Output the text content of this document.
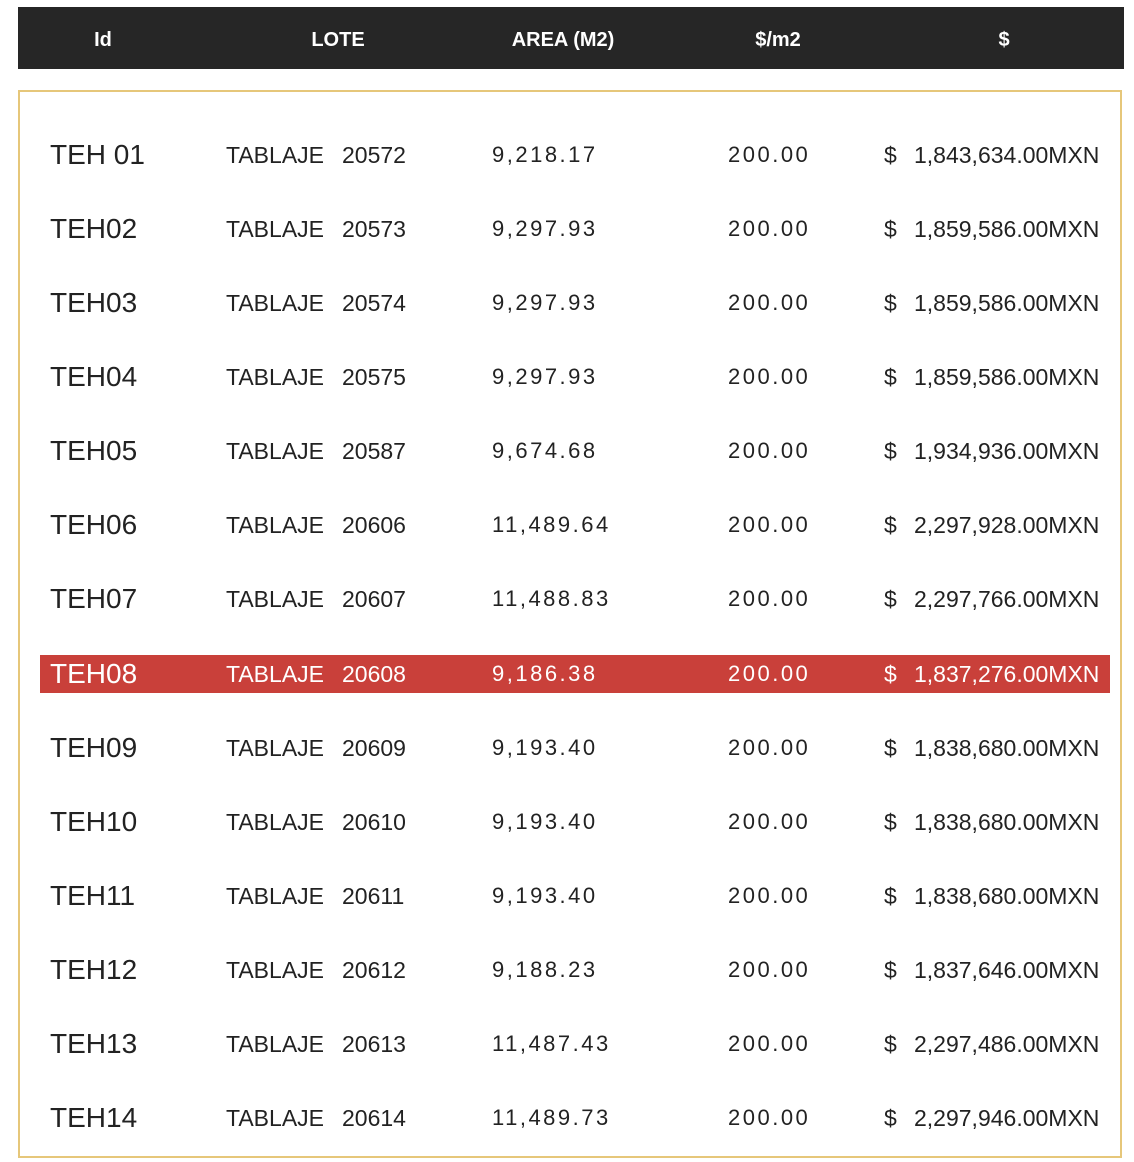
Id	LOTE	AREA (M2)	$/m2	$
TEH 01	TABLAJE 20572	9,218.17	200.00	$ 1,843,634.00MXN
TEH02	TABLAJE 20573	9,297.93	200.00	$ 1,859,586.00MXN
TEH03	TABLAJE 20574	9,297.93	200.00	$ 1,859,586.00MXN
TEH04	TABLAJE 20575	9,297.93	200.00	$ 1,859,586.00MXN
TEH05	TABLAJE 20587	9,674.68	200.00	$ 1,934,936.00MXN
TEH06	TABLAJE 20606	11,489.64	200.00	$ 2,297,928.00MXN
TEH07	TABLAJE 20607	11,488.83	200.00	$ 2,297,766.00MXN
TEH08	TABLAJE 20608	9,186.38	200.00	$ 1,837,276.00MXN
TEH09	TABLAJE 20609	9,193.40	200.00	$ 1,838,680.00MXN
TEH10	TABLAJE 20610	9,193.40	200.00	$ 1,838,680.00MXN
TEH11	TABLAJE 20611	9,193.40	200.00	$ 1,838,680.00MXN
TEH12	TABLAJE 20612	9,188.23	200.00	$ 1,837,646.00MXN
TEH13	TABLAJE 20613	11,487.43	200.00	$ 2,297,486.00MXN
TEH14	TABLAJE 20614	11,489.73	200.00	$ 2,297,946.00MXN
